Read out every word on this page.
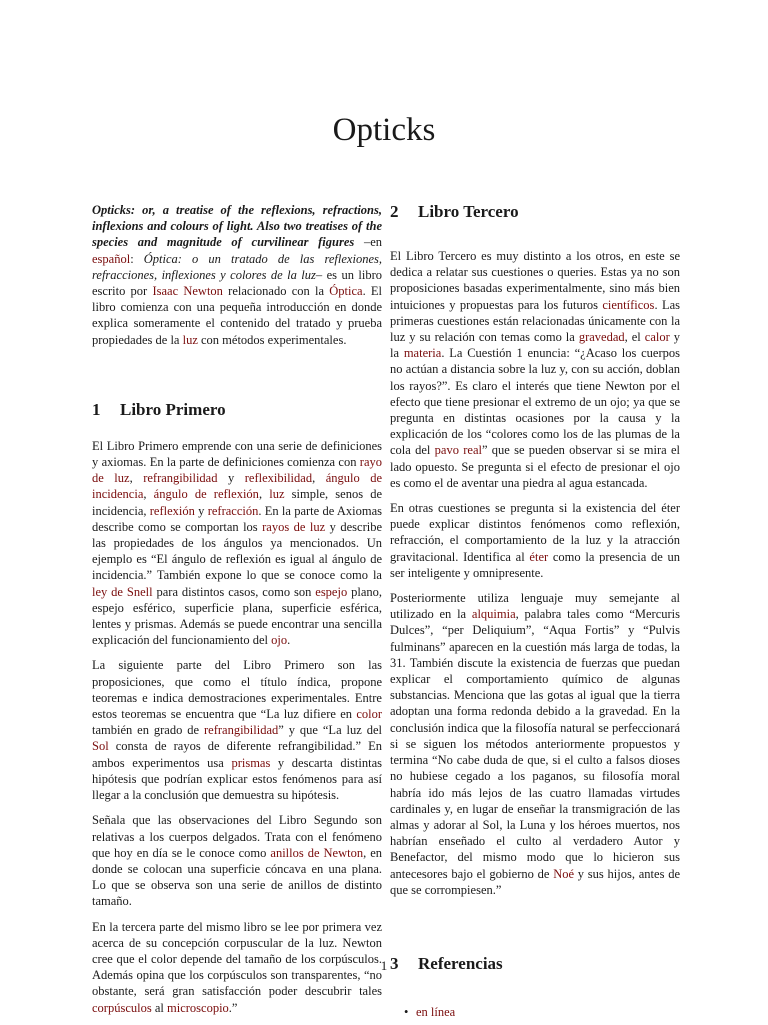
Opticks

Opticks: or, a treatise of the reflexions, refractions, inflexions and colours of light. Also two treatises of the species and magnitude of curvilinear figures –en español: Óptica: o un tratado de las reflexiones, refracciones, inflexiones y colores de la luz– es un libro escrito por Isaac Newton relacionado con la Óptica. El libro comienza con una pequeña introducción en donde explica someramente el contenido del tratado y prueba propiedades de la luz con métodos experimentales.

1 Libro Primero

El Libro Primero emprende con una serie de definiciones y axiomas. En la parte de definiciones comienza con rayo de luz, refrangibilidad y reflexibilidad, ángulo de incidencia, ángulo de reflexión, luz simple, senos de incidencia, reflexión y refracción. En la parte de Axiomas describe como se comportan los rayos de luz y describe las propiedades de los ángulos ya mencionados. Un ejemplo es “El ángulo de reflexión es igual al ángulo de incidencia.” También expone lo que se conoce como la ley de Snell para distintos casos, como son espejo plano, espejo esférico, superficie plana, superficie esférica, lentes y prismas. Además se puede encontrar una sencilla explicación del funcionamiento del ojo.

La siguiente parte del Libro Primero son las proposiciones, que como el título índica, propone teoremas e indica demostraciones experimentales. Entre estos teoremas se encuentra que “La luz difiere en color también en grado de refrangibilidad” y que “La luz del Sol consta de rayos de diferente refrangibilidad.” En ambos experimentos usa prismas y descarta distintas hipótesis que podrían explicar estos fenómenos para así llegar a la conclusión que demuestra su hipótesis.

Señala que las observaciones del Libro Segundo son relativas a los cuerpos delgados. Trata con el fenómeno que hoy en día se le conoce como anillos de Newton, en donde se colocan una superficie cóncava en una plana. Lo que se observa son una serie de anillos de distinto tamaño.

En la tercera parte del mismo libro se lee por primera vez acerca de su concepción corpuscular de la luz. Newton cree que el color depende del tamaño de los corpúsculos. Además opina que los corpúsculos son transparentes, “no obstante, será gran satisfacción poder descubrir tales corpúsculos al microscopio.”

2 Libro Tercero

El Libro Tercero es muy distinto a los otros, en este se dedica a relatar sus cuestiones o queries. Estas ya no son proposiciones basadas experimentalmente, sino más bien intuiciones y propuestas para los futuros científicos. Las primeras cuestiones están relacionadas únicamente con la luz y su relación con temas como la gravedad, el calor y la materia. La Cuestión 1 enuncia: “¿Acaso los cuerpos no actúan a distancia sobre la luz y, con su acción, doblan los rayos?”. Es claro el interés que tiene Newton por el efecto que tiene presionar el extremo de un ojo; ya que se pregunta en distintas ocasiones por la causa y la explicación de los “colores como los de las plumas de la cola del pavo real” que se pueden observar si se mira el lado opuesto. Se pregunta si el efecto de presionar el ojo es como el de aventar una piedra al agua estancada.

En otras cuestiones se pregunta si la existencia del éter puede explicar distintos fenómenos como reflexión, refracción, el comportamiento de la luz y la atracción gravitacional. Identifica al éter como la presencia de un ser inteligente y omnipresente.

Posteriormente utiliza lenguaje muy semejante al utilizado en la alquimia, palabra tales como “Mercuris Dulces”, “per Deliquium”, “Aqua Fortis” y “Pulvis fulminans” aparecen en la cuestión más larga de todas, la 31. También discute la existencia de fuerzas que puedan explicar el comportamiento químico de algunas substancias. Menciona que las gotas al igual que la tierra adoptan una forma redonda debido a la gravedad. En la conclusión indica que la filosofía natural se perfeccionará si se siguen los métodos anteriormente propuestos y termina “No cabe duda de que, si el culto a falsos dioses no hubiese cegado a los paganos, su filosofía moral habría ido más lejos de las cuatro llamadas virtudes cardinales y, en lugar de enseñar la transmigración de las almas y adorar al Sol, la Luna y los héroes muertos, nos habrían enseñado el culto al verdadero Autor y Benefactor, del mismo modo que lo hicieron sus antecesores bajo el gobierno de Noé y sus hijos, antes de que se corrompiesen.”

3 Referencias
• en línea
1
